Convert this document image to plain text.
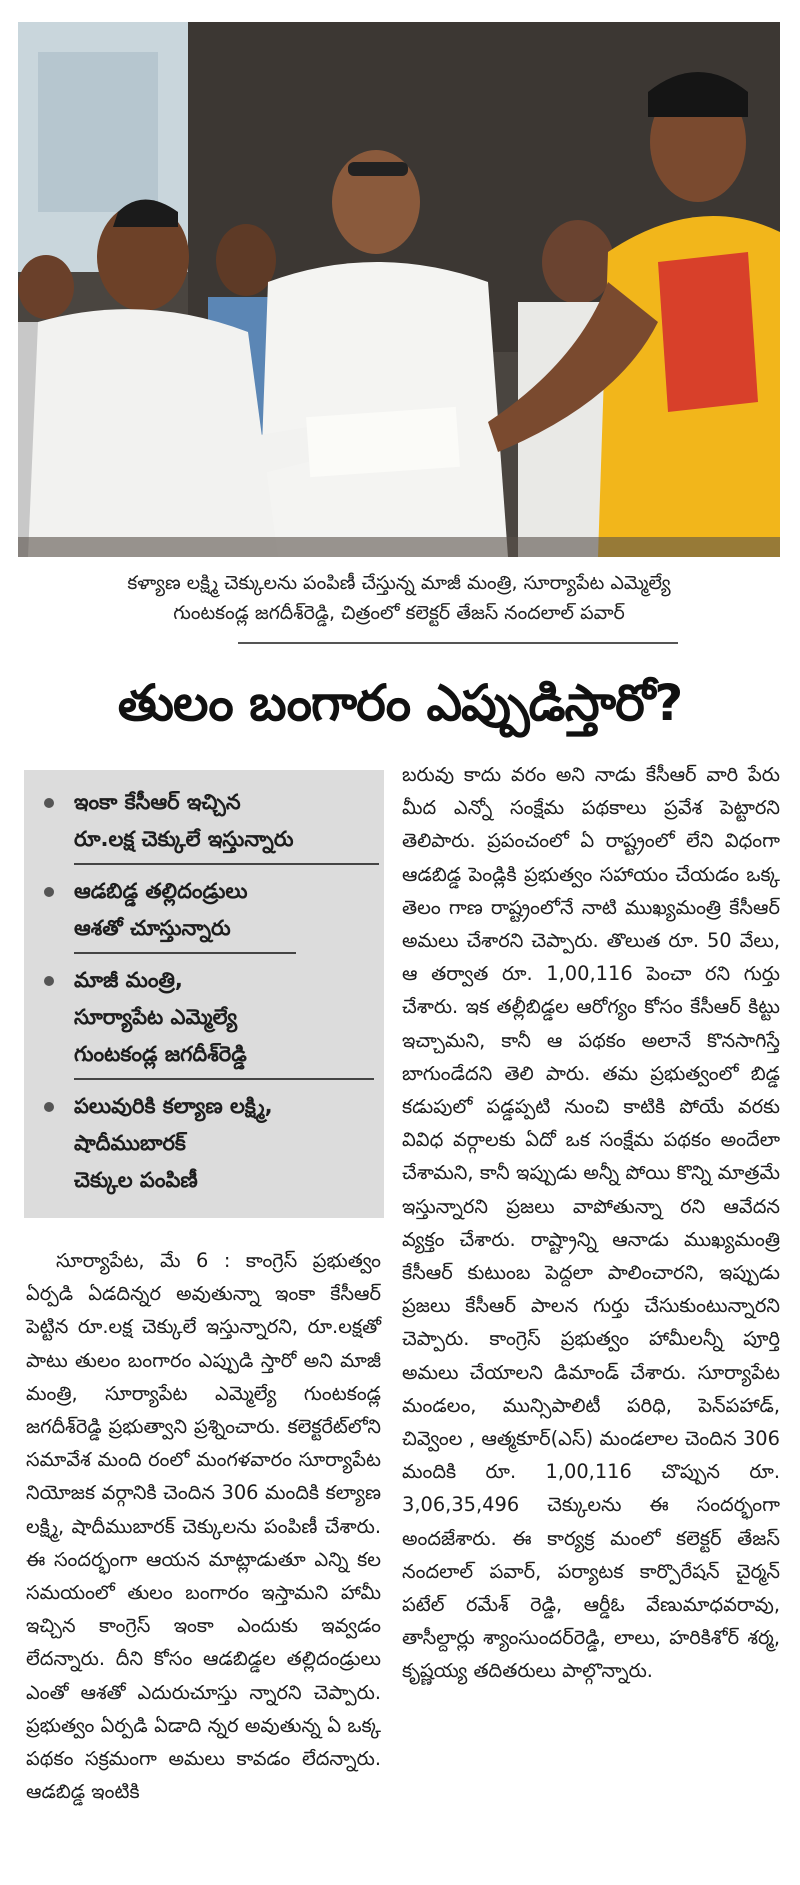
కళ్యాణ లక్ష్మి చెక్కులను పంపిణీ చేస్తున్న మాజీ మంత్రి, సూర్యాపేట ఎమ్మెల్యే
గుంటకండ్ల జగదీశ్‌రెడ్డి, చిత్రంలో కలెక్టర్ తేజస్ నందలాల్ పవార్
తులం బంగారం ఎప్పుడిస్తారో?
ఇంకా కేసీఆర్ ఇచ్చిన
రూ.లక్ష చెక్కులే ఇస్తున్నారు
ఆడబిడ్డ తల్లిదండ్రులు
ఆశతో చూస్తున్నారు
మాజీ మంత్రి,
సూర్యాపేట ఎమ్మెల్యే
గుంటకండ్ల జగదీశ్‌రెడ్డి
పలువురికి కల్యాణ లక్ష్మి,
షాదీముబారక్
చెక్కుల పంపిణీ
సూర్యాపేట, మే 6 : కాంగ్రెస్ ప్రభుత్వం ఏర్పడి ఏడదిన్నర అవుతున్నా ఇంకా కేసీఆర్ పెట్టిన రూ.లక్ష చెక్కులే ఇస్తున్నారని, రూ.లక్షతో పాటు తులం బంగారం ఎప్పుడి స్తారో అని మాజీ మంత్రి, సూర్యాపేట ఎమ్మెల్యే గుంటకండ్ల జగదీశ్‌రెడ్డి ప్రభుత్వాని ప్రశ్నించారు. కలెక్టరేట్‌లోని సమావేశ మంది రంలో మంగళవారం సూర్యాపేట నియోజక వర్గానికి చెందిన 306 మందికి కల్యాణ లక్ష్మి, షాదీముబారక్ చెక్కులను పంపిణీ చేశారు. ఈ సందర్భంగా ఆయన మాట్లాడుతూ ఎన్ని కల సమయంలో తులం బంగారం ఇస్తామని హామీ ఇచ్చిన కాంగ్రెస్ ఇంకా ఎందుకు ఇవ్వడం లేదన్నారు. దీని కోసం ఆడబిడ్డల తల్లిదండ్రులు ఎంతో ఆశతో ఎదురుచూస్తు న్నారని చెప్పారు. ప్రభుత్వం ఏర్పడి ఏడాది న్నర అవుతున్న ఏ ఒక్క పథకం సక్రమంగా అమలు కావడం లేదన్నారు. ఆడబిడ్డ ఇంటికి
బరువు కాదు వరం అని నాడు కేసీఆర్ వారి పేరు మీద ఎన్నో సంక్షేమ పథకాలు ప్రవేశ పెట్టారని తెలిపారు. ప్రపంచంలో ఏ రాష్ట్రంలో లేని విధంగా ఆడబిడ్డ పెండ్లికి ప్రభుత్వం సహాయం చేయడం ఒక్క తెలం గాణ రాష్ట్రంలోనే నాటి ముఖ్యమంత్రి కేసీఆర్ అమలు చేశారని చెప్పారు. తొలుత రూ. 50 వేలు, ఆ తర్వాత రూ. 1,00,116 పెంచా రని గుర్తు చేశారు. ఇక తల్లీబిడ్డల ఆరోగ్యం కోసం కేసీఆర్ కిట్టు ఇచ్చామని, కానీ ఆ పథకం అలానే కొనసాగిస్తే బాగుండేదని తెలి పారు. తమ ప్రభుత్వంలో బిడ్డ కడుపులో పడ్డప్పటి నుంచి కాటికి పోయే వరకు వివిధ వర్గాలకు ఏదో ఒక సంక్షేమ పథకం అందేలా చేశామని, కానీ ఇప్పుడు అన్నీ పోయి కొన్ని మాత్రమే ఇస్తున్నారని ప్రజలు వాపోతున్నా రని ఆవేదన వ్యక్తం చేశారు. రాష్ట్రాన్ని ఆనాడు ముఖ్యమంత్రి కేసీఆర్ కుటుంబ పెద్దలా పాలించారని, ఇప్పుడు ప్రజలు కేసీఆర్ పాలన గుర్తు చేసుకుంటున్నారని చెప్పారు. కాంగ్రెస్ ప్రభుత్వం హామీలన్నీ పూర్తి అమలు చేయాలని డిమాండ్ చేశారు. సూర్యాపేట మండలం, మున్సిపాలిటీ పరిధి, పెన్‌పహాడ్, చివ్వెంల , ఆత్మకూర్(ఎస్) మండలాల చెందిన 306 మందికి రూ. 1,00,116 చొప్పున రూ. 3,06,35,496 చెక్కులను ఈ సందర్భంగా అందజేశారు. ఈ కార్యక్ర మంలో కలెక్టర్ తేజస్ నందలాల్ పవార్, పర్యాటక కార్పొరేషన్ చైర్మన్ పటేల్ రమేశ్ రెడ్డి, ఆర్డీఓ వేణుమాధవరావు, తాసీల్దార్లు శ్యాంసుందర్‌రెడ్డి, లాలు, హరికిశోర్ శర్మ, కృష్ణయ్య తదితరులు పాల్గొన్నారు.
